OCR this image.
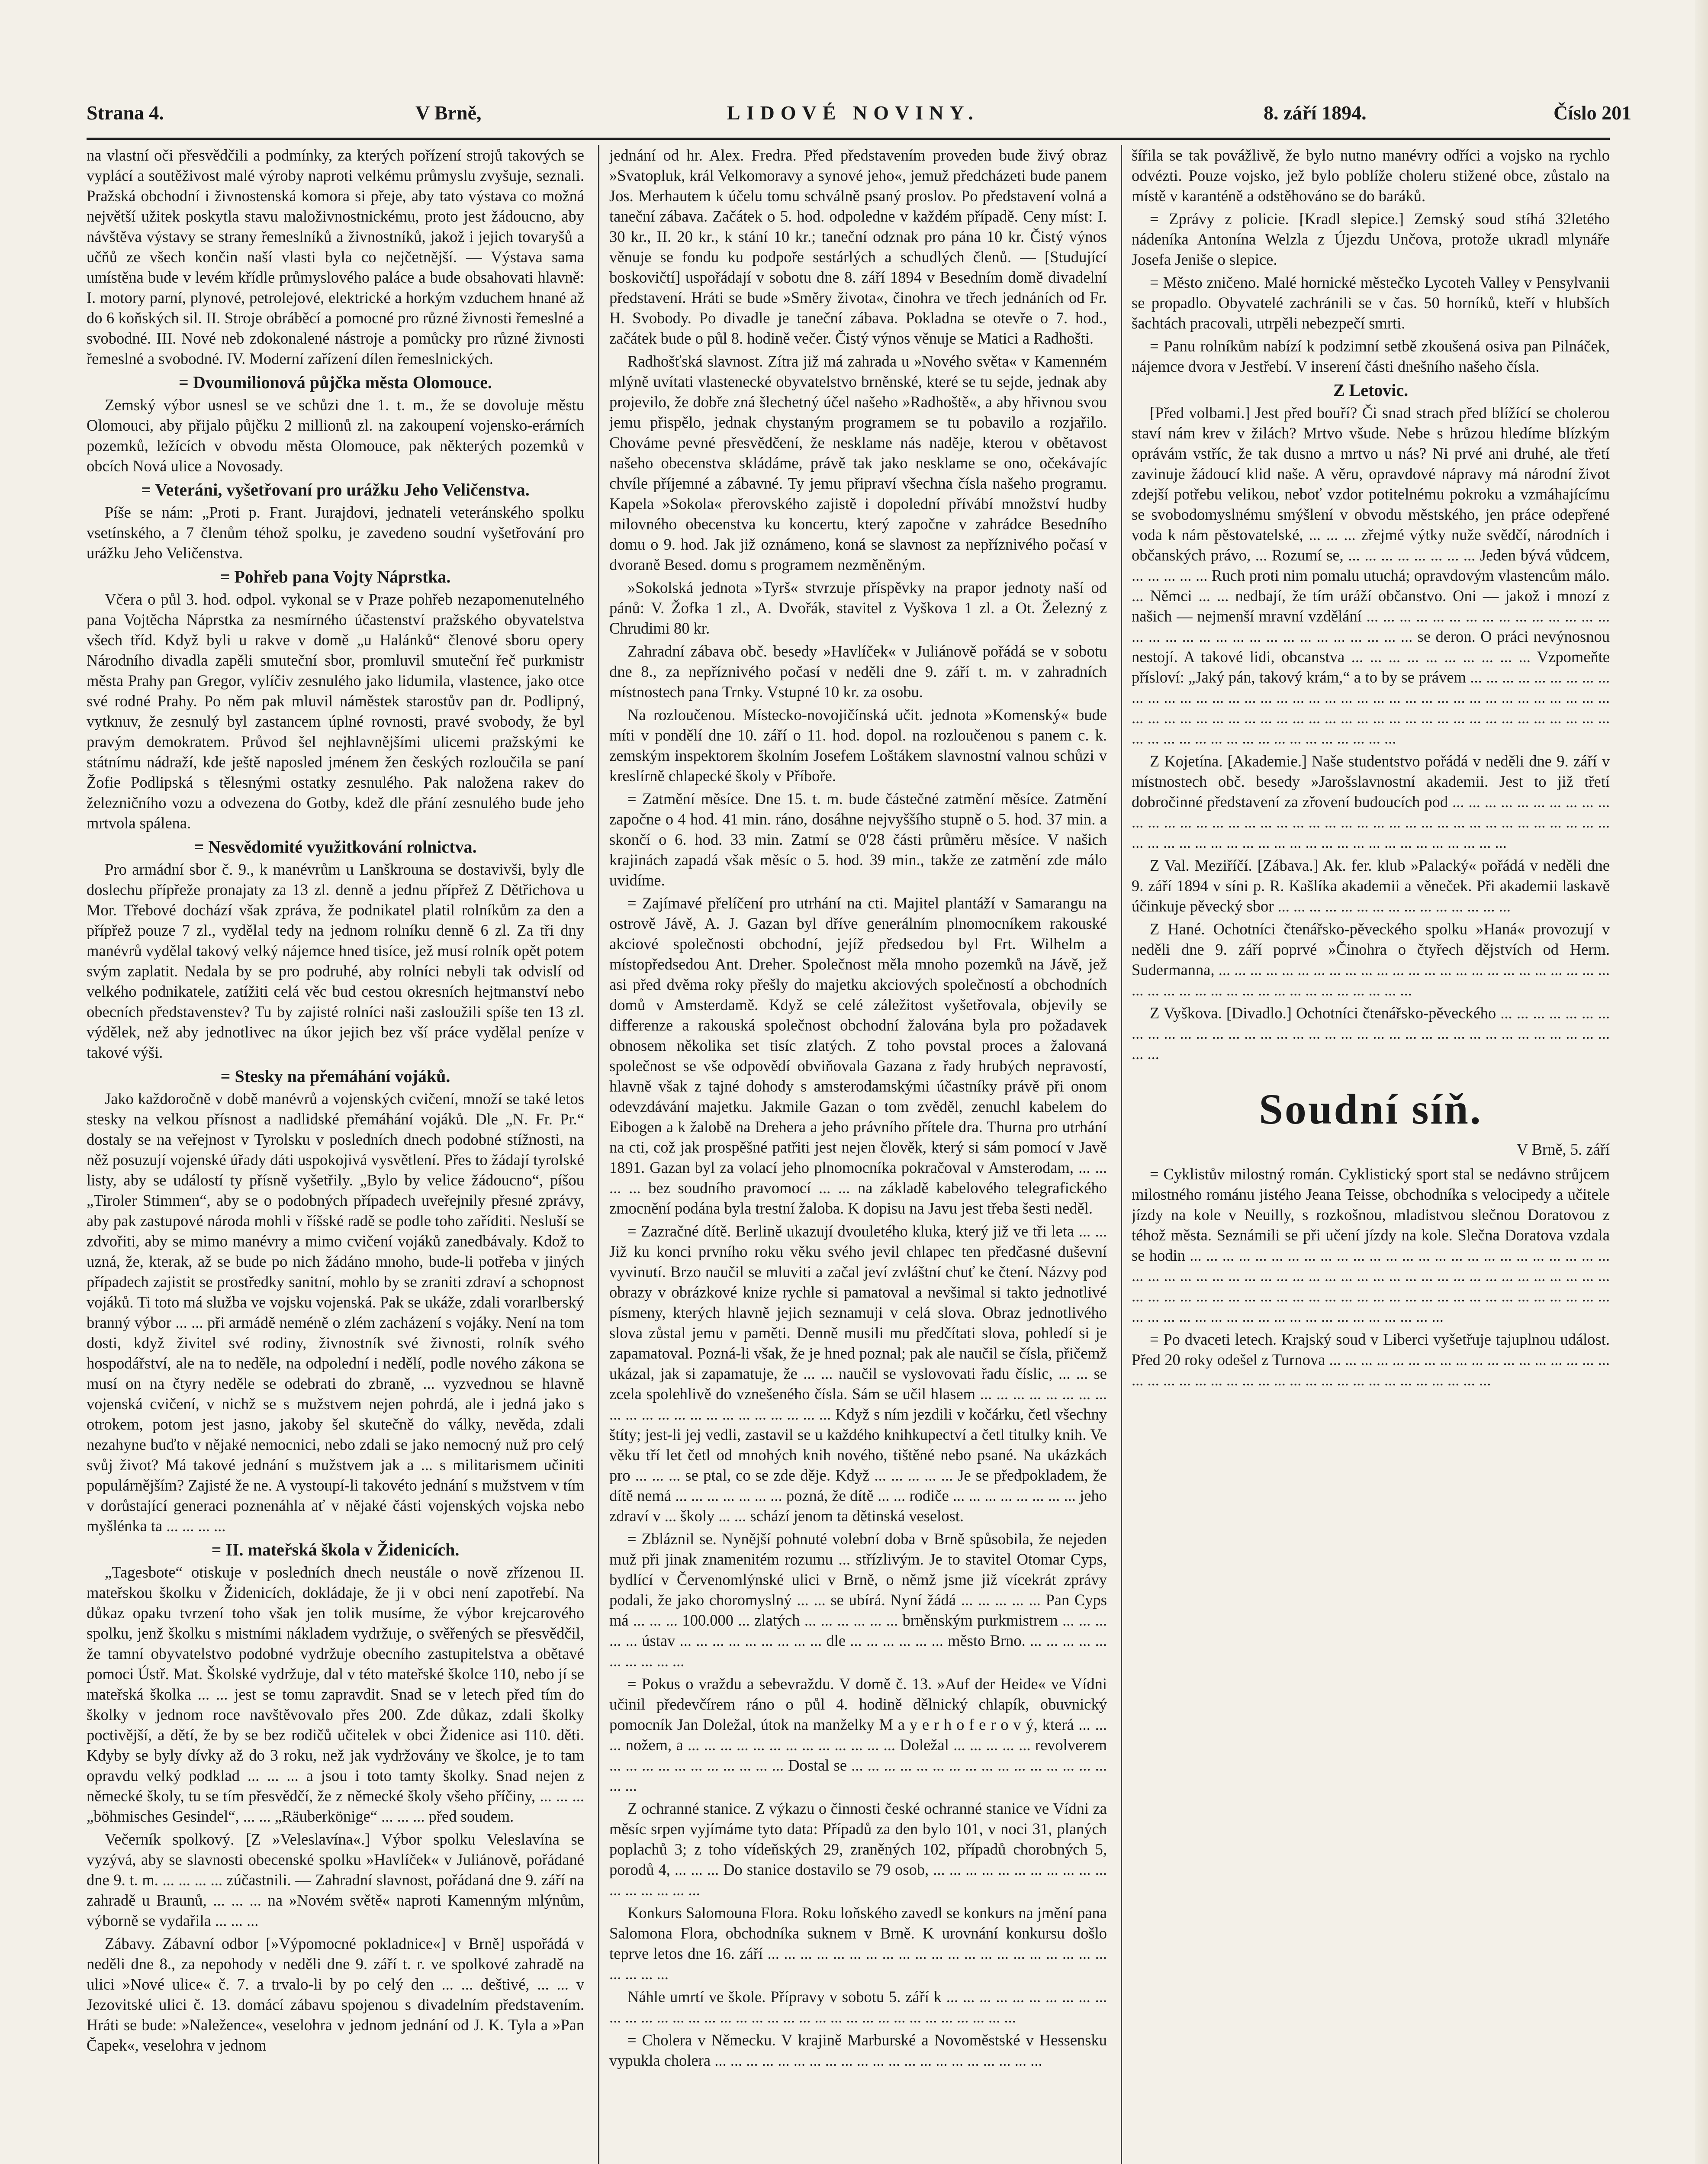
Strana 4.	V Brně,	LIDOVÉ NOVINY.	8. září 1894.	Číslo 201

na vlastní oči přesvědčili a podmínky, za kterých pořízení strojů takových se vyplácí a soutěživost malé výroby naproti velkému průmyslu zvyšuje, seznali. Pražská obchodní i živnostenská komora si přeje, aby tato výstava co možná největší užitek poskytla stavu maloživnostnickému, proto jest žádoucno, aby návštěva výstavy se strany řemeslníků a živnostníků, jakož i jejich tovaryšů a učňů ze všech končin naší vlasti byla co nejčetnější. — Výstava sama umístěna bude v levém křídle průmyslového paláce a bude obsahovati hlavně: I. motory parní, plynové, petrolejové, elektrické a horkým vzduchem hnané až do 6 koňských sil. II. Stroje obráběcí a pomocné pro různé živnosti řemeslné a svobodné. III. Nové neb zdokonalené nástroje a pomůcky pro různé živnosti řemeslné a svobodné. IV. Moderní zařízení dílen řemeslnických.

= Dvoumilionová půjčka města Olomouce.

Zemský výbor usnesl se ve schůzi dne 1. t. m., že se dovoluje městu Olomouci, aby přijalo půjčku 2 millionů zl. na zakoupení vojensko-erárních pozemků, ležících v obvodu města Olomouce, pak některých pozemků v obcích Nová ulice a Novosady.

= Veteráni, vyšetřovaní pro urážku Jeho Veličenstva.

Píše se nám: „Proti p. Frant. Jurajdovi, jednateli veteránského spolku vsetínského, a 7 členům téhož spolku, je zavedeno soudní vyšetřování pro urážku Jeho Veličenstva.

= Pohřeb pana Vojty Náprstka.

Včera o půl 3. hod. odpol. vykonal se v Praze pohřeb nezapomenutelného pana Vojtěcha Náprstka za nesmírného účastenství pražského obyvatelstva všech tříd. Když byli u rakve v domě „u Halánků“ členové sboru opery Národního divadla zapěli smuteční sbor, promluvil smuteční řeč purkmistr města Prahy pan Gregor, vylíčiv zesnulého jako lidumila, vlastence, jako otce své rodné Prahy. Po něm pak mluvil náměstek starostův pan dr. Podlipný, vytknuv, že zesnulý byl zastancem úplné rovnosti, pravé svobody, že byl pravým demokratem. Průvod šel nejhlavnějšími ulicemi pražskými ke státnímu nádraží, kde ještě naposled jménem žen českých rozloučila se paní Žofie Podlipská s tělesnými ostatky zesnulého. Pak naložena rakev do železničního vozu a odvezena do Gotby, kdež dle přání zesnulého bude jeho mrtvola spálena.

= Nesvědomité využitkování rolnictva.

Pro armádní sbor č. 9., k manévrům u Lanškrouna se dostavivši, byly dle doslechu přípřeže pronajaty za 13 zl. denně a jednu přípřež Z Dětřichova u Mor. Třebové dochází však zpráva, že podnikatel platil rolníkům za den a přípřež pouze 7 zl., vydělal tedy na jednom rolníku denně 6 zl. Za tři dny manévrů vydělal takový velký nájemce hned tisíce, jež musí rolník opět potem svým zaplatit. Nedala by se pro podruhé, aby rolníci nebyli tak odvislí od velkého podnikatele, zatížiti celá věc bud cestou okresních hejtmanství nebo obecních představenstev? Tu by zajisté rolníci naši zasloužili spíše ten 13 zl. výdělek, než aby jednotlivec na úkor jejich bez vší práce vydělal peníze v takové výši.

= Stesky na přemáhání vojáků.

Jako každoročně v době manévrů a vojenských cvičení, množí se také letos stesky na velkou přísnost a nadlidské přemáhání vojáků. Dle „N. Fr. Pr.“ dostaly se na veřejnost v Tyrolsku v posledních dnech podobné stížnosti, na něž posuzují vojenské úřady dáti uspokojivá vysvětlení. Přes to žádají tyrolské listy, aby se událostí ty přísně vyšetřily. „Bylo by velice žádoucno“, píšou „Tiroler Stimmen“, aby se o podobných případech uveřejnily přesné zprávy, aby pak zastupové národa mohli v říšské radě se podle toho zaříditi. Nesluší se zdvořiti, aby se mimo manévry a mimo cvičení vojáků zanedbávaly. Kdož to uzná, že, kterak, až se bude po nich žádáno mnoho, bude-li potřeba v jiných případech zajistit se prostředky sanitní, mohlo by se zraniti zdraví a schopnost vojáků. Ti toto má služba ve vojsku vojenská. Pak se ukáže, zdali vorarlberský branný výbor ... ... při armádě neméně o zlém zacházení s vojáky. Není na tom dosti, když živitel své rodiny, živnostník své živnosti, rolník svého hospodářství, ale na to neděle, na odpolední i nedělí, podle nového zákona se musí on na čtyry neděle se odebrati do zbraně, ... vyzvednou se hlavně vojenská cvičení, v nichž se s mužstvem nejen pohrdá, ale i jedná jako s otrokem, potom jest jasno, jakoby šel skutečně do války, nevěda, zdali nezahyne buďto v nějaké nemocnici, nebo zdali se jako nemocný nuž pro celý svůj život? Má takové jednání s mužstvem jak a ... s militarismem učiniti populárnějším? Zajisté že ne. A vystoupí-li takovéto jednání s mužstvem v tím v dorůstající generaci poznenáhla ať v nějaké části vojenských vojska nebo myšlénka ta ... ... ... ...

= II. mateřská škola v Židenicích.

„Tagesbote“ otiskuje v posledních dnech neustále o nově zřízenou II. mateřskou školku v Židenicích, dokládaje, že ji v obci není zapotřebí. Na důkaz opaku tvrzení toho však jen tolik musíme, že výbor krejcarového spolku, jenž školku s mistními nákladem vydržuje, o svěřených se přesvědčil, že tamní obyvatelstvo podobné vydržuje obecního zastupitelstva a obětavé pomoci Ústř. Mat. Školské vydržuje, dal v této mateřské školce 110, nebo jí se mateřská školka ... ... jest se tomu zapravdit. Snad se v letech před tím do školky v jednom roce navštěvovalo přes 200. Zde důkaz, zdali školky poctivější, a dětí, že by se bez rodičů učitelek v obci Židenice asi 110. děti. Kdyby se byly dívky až do 3 roku, než jak vydržovány ve školce, je to tam opravdu velký podklad ... ... ... a jsou i toto tamty školky. Snad nejen z německé školy, tu se tím přesvědčí, že z německé školy všeho příčiny, ... ... ... „böhmisches Gesindel“, ... ... „Räuberkönige“ ... ... ... před soudem.

Večerník spolkový. [Z »Veleslavína«.] Výbor spolku Veleslavína se vyzývá, aby se slavnosti obecenské spolku »Havlíček« v Juliánově, pořádané dne 9. t. m. ... ... ... ... zúčastnili. — Zahradní slavnost, pořádaná dne 9. září na zahradě u Braunů, ... ... ... na »Novém světě« naproti Kamenným mlýnům, výborně se vydařila ... ... ...

Zábavy. Zábavní odbor [»Výpomocné pokladnice«] v Brně] uspořádá v neděli dne 8., za nepohody v neděli dne 9. září t. r. ve spolkové zahradě na ulici »Nové ulice« č. 7. a trvalo-li by po celý den ... ... deštivé, ... ... v Jezovitské ulici č. 13. domácí zábavu spojenou s divadelním představením. Hráti se bude: »Naležence«, veselohra v jednom jednání od J. K. Tyla a »Pan Čapek«, veselohra v jednom

jednání od hr. Alex. Fredra. Před představením proveden bude živý obraz »Svatopluk, král Velkomoravy a synové jeho«, jemuž předcházeti bude panem Jos. Merhautem k účelu tomu schválně psaný proslov. Po představení volná a taneční zábava. Začátek o 5. hod. odpoledne v každém případě. Ceny míst: I. 30 kr., II. 20 kr., k stání 10 kr.; taneční odznak pro pána 10 kr. Čistý výnos věnuje se fondu ku podpoře sestárlých a schudlých členů. — [Studující boskovičtí] uspořádají v sobotu dne 8. září 1894 v Besedním domě divadelní představení. Hráti se bude »Směry života«, činohra ve třech jednáních od Fr. H. Svobody. Po divadle je taneční zábava. Pokladna se otevře o 7. hod., začátek bude o půl 8. hodině večer. Čistý výnos věnuje se Matici a Radhošti.

Radhošťská slavnost. Zítra již má zahrada u »Nového světa« v Kamenném mlýně uvítati vlastenecké obyvatelstvo brněnské, které se tu sejde, jednak aby projevilo, že dobře zná šlechetný účel našeho »Radhoště«, a aby hřivnou svou jemu přispělo, jednak chystaným programem se tu pobavilo a rozjařilo. Chováme pevné přesvědčení, že nesklame nás naděje, kterou v obětavost našeho obecenstva skládáme, právě tak jako nesklame se ono, očekávajíc chvíle příjemné a zábavné. Ty jemu připraví všechna čísla našeho programu. Kapela »Sokola« přerovského zajistě i dopolední přívábí množství hudby milovného obecenstva ku koncertu, který započne v zahrádce Besedního domu o 9. hod. Jak již oznámeno, koná se slavnost za nepříznivého počasí v dvoraně Besed. domu s programem nezměněným.

»Sokolská jednota »Tyrš« stvrzuje příspěvky na prapor jednoty naší od pánů: V. Žofka 1 zl., A. Dvořák, stavitel z Vyškova 1 zl. a Ot. Železný z Chrudimi 80 kr.

Zahradní zábava obč. besedy »Havlíček« v Juliánově pořádá se v sobotu dne 8., za nepříznivého počasí v neděli dne 9. září t. m. v zahradních místnostech pana Trnky. Vstupné 10 kr. za osobu.

Na rozloučenou. Místecko-novojičínská učit. jednota »Komenský« bude míti v pondělí dne 10. září o 11. hod. dopol. na rozloučenou s panem c. k. zemským inspektorem školním Josefem Loštákem slavnostní valnou schůzi v kreslírně chlapecké školy v Příboře.

= Zatmění měsíce. Dne 15. t. m. bude částečné zatmění měsíce. Zatmění započne o 4 hod. 41 min. ráno, dosáhne nejvyššího stupně o 5. hod. 37 min. a skončí o 6. hod. 33 min. Zatmí se 0'28 části průměru měsíce. V našich krajinách zapadá však měsíc o 5. hod. 39 min., takže ze zatmění zde málo uvidíme.

= Zajímavé přelíčení pro utrhání na cti. Majitel plantáží v Samarangu na ostrově Jávě, A. J. Gazan byl dříve generálním plnomocníkem rakouské akciové společnosti obchodní, jejíž předsedou byl Frt. Wilhelm a místopředsedou Ant. Dreher. Společnost měla mnoho pozemků na Jávě, jež asi před dvěma roky přešly do majetku akciových společností a obchodních domů v Amsterdamě. Když se celé záležitost vyšetřovala, objevily se differenze a rakouská společnost obchodní žalována byla pro požadavek obnosem několika set tisíc zlatých. Z toho povstal proces a žalovaná společnost se vše odpovědí obviňovala Gazana z řady hrubých nepravostí, hlavně však z tajné dohody s amsterodamskými účastníky právě při onom odevzdávání majetku. Jakmile Gazan o tom zvěděl, zenuchl kabelem do Eibogen a k žalobě na Drehera a jeho právního přítele dra. Thurna pro utrhání na cti, což jak prospěšné patřiti jest nejen člověk, který si sám pomocí v Javě 1891. Gazan byl za volací jeho plnomocníka pokračoval v Amsterodam, ... ... ... ... bez soudního pravomocí ... ... na základě kabelového telegrafického zmocnění podána byla trestní žaloba. K dopisu na Javu jest třeba šesti neděl.

= Zazračné dítě. Berlině ukazují dvouletého kluka, který již ve tři leta ... ... Již ku konci prvního roku věku svého jevil chlapec ten předčasné duševní vyvinutí. Brzo naučil se mluviti a začal jeví zvláštní chuť ke čtení. Názvy pod obrazy v obrázkové knize rychle si pamatoval a nevšimal si takto jednotlivé písmeny, kterých hlavně jejich seznamuji v celá slova. Obraz jednotlivého slova zůstal jemu v paměti. Denně musili mu předčítati slova, pohledí si je zapamatoval. Pozná-li však, že je hned poznal; pak ale naučil se čísla, přičemž ukázal, jak si zapamatuje, že ... ... naučil se vyslovovati řadu číslic, ... ... se zcela spolehlivě do vznešeného čísla. Sám se učil hlasem ... ... ... ... ... ... ... ... ... ... ... ... ... ... ... ... ... ... ... ... ... ... Když s ním jezdili v kočárku, četl všechny štíty; jest-li jej vedli, zastavil se u každého knihkupectví a četl titulky knih. Ve věku tří let četl od mnohých knih nového, tištěné nebo psané. Na ukázkách pro ... ... ... se ptal, co se zde děje. Když ... ... ... ... ... Je se předpokladem, že dítě nemá ... ... ... ... ... ... ... pozná, že dítě ... ... rodiče ... ... ... ... ... ... ... ... jeho zdraví v ... školy ... ... schází jenom ta dětinská veselost.

= Zbláznil se. Nynější pohnuté volební doba v Brně spůsobila, že nejeden muž při jinak znamenitém rozumu ... střízlivým. Je to stavitel Otomar Cyps, bydlící v Červenomlýnské ulici v Brně, o němž jsme již vícekrát zprávy podali, že jako choromyslný ... ... se ubírá. Nyní žádá ... ... ... ... ... Pan Cyps má ... ... ... 100.000 ... zlatých ... ... ... ... ... ... brněnským purkmistrem ... ... ... ... ... ústav ... ... ... ... ... ... ... ... ... dle ... ... ... ... ... ... město Brno. ... ... ... ... ... ... ... ... ... ...

= Pokus o vraždu a sebevraždu. V domě č. 13. »Auf der Heide« ve Vídni učinil předevčírem ráno o půl 4. hodině dělnický chlapík, obuvnický pomocník Jan Doležal, útok na manželky M a y e r h o f e r o v ý, která ... ... ... nožem, a ... ... ... ... ... ... ... ... ... ... ... ... ... Doležal ... ... ... ... ... revolverem ... ... ... ... ... ... ... ... ... ... ... Dostal se ... ... ... ... ... ... ... ... ... ... ... ... ... ... ... ... ... ...

Z ochranné stanice. Z výkazu o činnosti české ochranné stanice ve Vídni za měsíc srpen vyjímáme tyto data: Případů za den bylo 101, v noci 31, planých poplachů 3; z toho vídeňských 29, zraněných 102, případů chorobných 5, porodů 4, ... ... ... Do stanice dostavilo se 79 osob, ... ... ... ... ... ... ... ... ... ... ... ... ... ... ... ... ...

Konkurs Salomouna Flora. Roku loňského zavedl se konkurs na jmění pana Salomona Flora, obchodníka suknem v Brně. K urovnání konkursu došlo teprve letos dne 16. září ... ... ... ... ... ... ... ... ... ... ... ... ... ... ... ... ... ... ... ... ... ... ... ... ...

Náhle umrtí ve škole. Přípravy v sobotu 5. září k ... ... ... ... ... ... ... ... ... ... ... ... ... ... ... ... ... ... ... ... ... ... ... ... ... ... ... ... ... ... ... ... ... ... ... ...

= Cholera v Německu. V krajině Marburské a Novoměstské v Hessensku vypukla cholera ... ... ... ... ... ... ... ... ... ... ... ... ... ... ... ... ... ... ... ... ...

šířila se tak povážlivě, že bylo nutno manévry odříci a vojsko na rychlo odvézti. Pouze vojsko, jež bylo poblíže choleru stižené obce, zůstalo na místě v karanténě a odstěhováno se do baráků.

= Zprávy z policie. [Kradl slepice.] Zemský soud stíhá 32letého nádeníka Antonína Welzla z Újezdu Unčova, protože ukradl mlynáře Josefa Jeniše o slepice.

= Město zničeno. Malé hornické městečko Lycoteh Valley v Pensylvanii se propadlo. Obyvatelé zachránili se v čas. 50 horníků, kteří v hlubších šachtách pracovali, utrpěli nebezpečí smrti.

= Panu rolníkům nabízí k podzimní setbě zkoušená osiva pan Pilnáček, nájemce dvora v Jestřebí. V inserení části dnešního našeho čísla.

Z Letovic.

[Před volbami.] Jest před bouří? Či snad strach před blížící se cholerou staví nám krev v žilách? Mrtvo všude. Nebe s hrůzou hledíme blízkým oprávám vstříc, že tak dusno a mrtvo u nás? Ni prvé ani druhé, ale třetí zavinuje žádoucí klid naše. A věru, opravdové nápravy má národní život zdejší potřebu velikou, neboť vzdor potitelnému pokroku a vzmáhajícímu se svobodomyslnému smýšlení v obvodu městského, jen práce odepřené voda k nám pěstovatelské, ... ... ... zřejmé výtky nuže svědčí, národních i občanských právo, ... Rozumí se, ... ... ... ... ... ... ... ... Jeden bývá vůdcem, ... ... ... ... ... Ruch proti nim pomalu utuchá; opravdovým vlastencům málo. ... Němci ... ... nedbají, že tím uráží občanstvo. Oni — jakož i mnozí z našich — nejmenší mravní vzdělání ... ... ... ... ... ... ... ... ... ... ... ... ... ... ... ... ... ... ... ... ... ... ... ... ... ... ... ... ... ... ... ... se deron. O práci nevýnosnou nestojí. A takové lidi, obcanstva ... ... ... ... ... ... ... ... ... ... Vzpomeňte přísloví: „Jaký pán, takový krám,“ a to by se právem ... ... ... ... ... ... ... ... ... ... ... ... ... ... ... ... ... ... ... ... ... ... ... ... ... ... ... ... ... ... ... ... ... ... ... ... ... ... ... ... ... ... ... ... ... ... ... ... ... ... ... ... ... ... ... ... ... ... ... ... ... ... ... ... ... ... ... ... ... ... ... ... ... ... ... ... ... ... ... ... ... ... ... ... ... ...

Z Kojetína. [Akademie.] Naše studentstvo pořádá v neděli dne 9. září v místnostech obč. besedy »Jarošslavnostní akademii. Jest to již třetí dobročinné představení za zřovení budoucích pod ... ... ... ... ... ... ... ... ... ... ... ... ... ... ... ... ... ... ... ... ... ... ... ... ... ... ... ... ... ... ... ... ... ... ... ... ... ... ... ... ... ... ... ... ... ... ... ... ... ... ... ... ... ... ... ... ... ... ... ... ... ... ... ...

Z Val. Meziříčí. [Zábava.] Ak. fer. klub »Palacký« pořádá v neděli dne 9. září 1894 v síni p. R. Kašlíka akademii a věneček. Při akademii laskavě účinkuje pěvecký sbor ... ... ... ... ... ... ... ... ... ... ... ... ... ... ...

Z Hané. Ochotníci čtenářsko-pěveckého spolku »Haná« provozují v neděli dne 9. září poprvé »Činohra o čtyřech dějstvích od Herm. Sudermanna, ... ... ... ... ... ... ... ... ... ... ... ... ... ... ... ... ... ... ... ... ... ... ... ... ... ... ... ... ... ... ... ... ... ... ... ... ... ... ... ... ... ... ...

Z Vyškova. [Divadlo.] Ochotníci čtenářsko-pěveckého ... ... ... ... ... ... ... ... ... ... ... ... ... ... ... ... ... ... ... ... ... ... ... ... ... ... ... ... ... ... ... ... ... ... ... ... ... ... ...

Soudní síň.

V Brně, 5. září

= Cyklistův milostný román. Cyklistický sport stal se nedávno strůjcem milostného románu jistého Jeana Teisse, obchodníka s velocipedy a učitele jízdy na kole v Neuilly, s rozkošnou, mladistvou slečnou Doratovou z téhož města. Seznámili se při učení jízdy na kole. Slečna Doratova vzdala se hodin ... ... ... ... ... ... ... ... ... ... ... ... ... ... ... ... ... ... ... ... ... ... ... ... ... ... ... ... ... ... ... ... ... ... ... ... ... ... ... ... ... ... ... ... ... ... ... ... ... ... ... ... ... ... ... ... ... ... ... ... ... ... ... ... ... ... ... ... ... ... ... ... ... ... ... ... ... ... ... ... ... ... ... ... ... ... ... ... ... ... ... ... ... ... ... ... ... ... ... ... ... ... ... ... ... ...

= Po dvaceti letech. Krajský soud v Liberci vyšetřuje tajuplnou událost. Před 20 roky odešel z Turnova ... ... ... ... ... ... ... ... ... ... ... ... ... ... ... ... ... ... ... ... ... ... ... ... ... ... ... ... ... ... ... ... ... ... ... ... ... ... ... ... ...
